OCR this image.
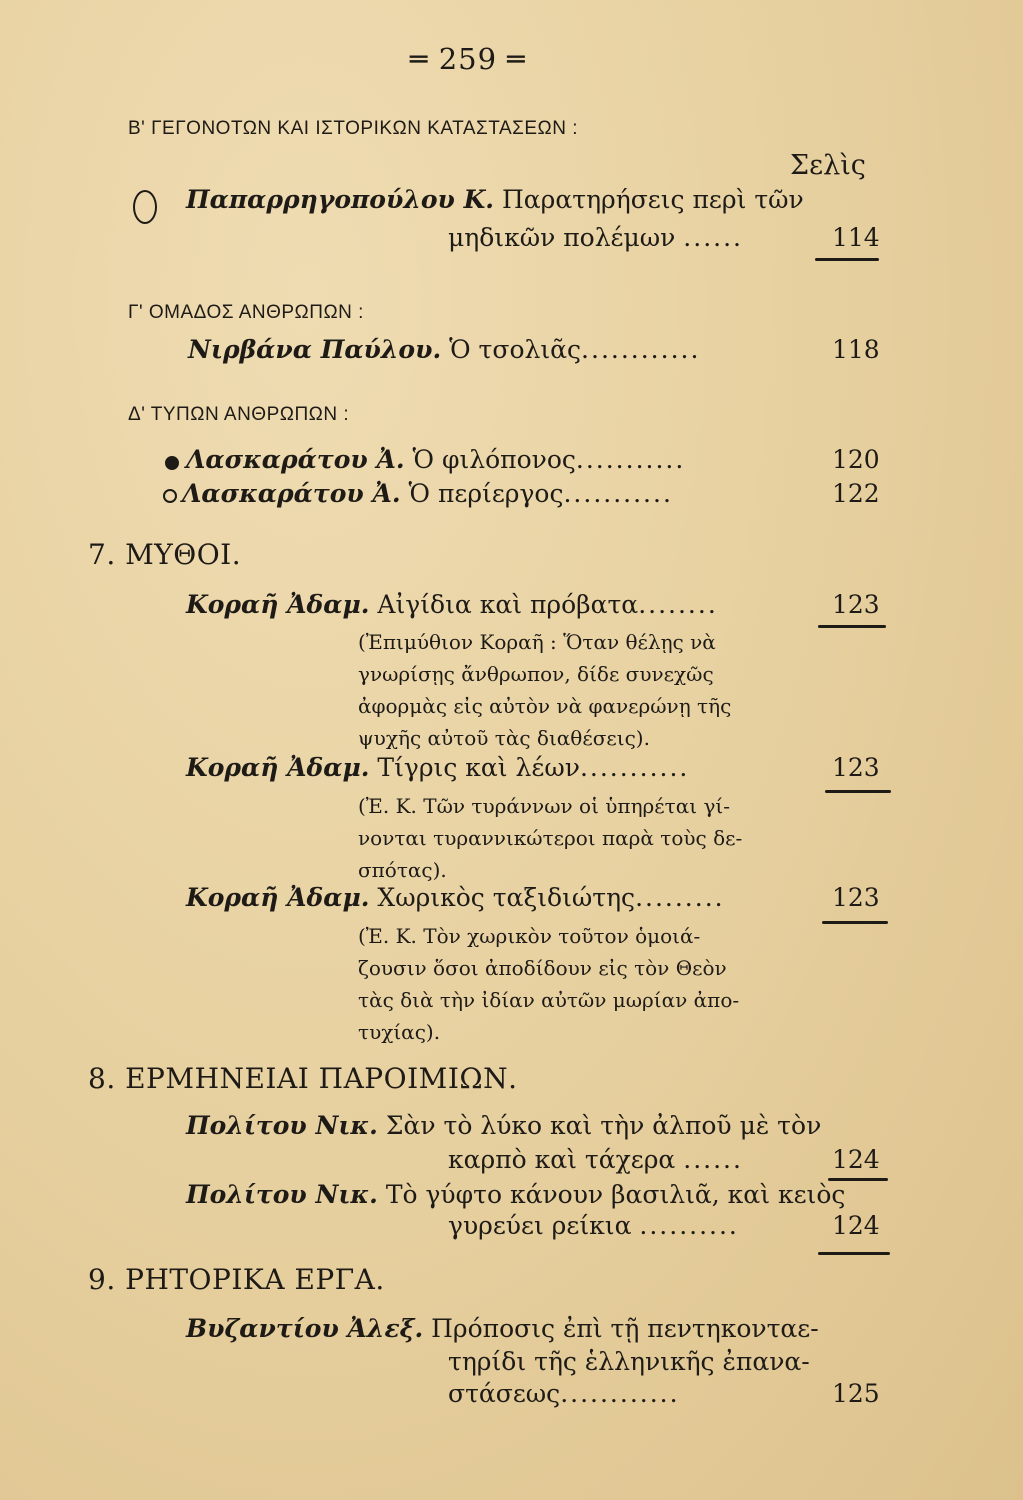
═ 259 ═
Β' ΓΕΓΟΝΟΤΩΝ ΚΑΙ ΙΣΤΟΡΙΚΩΝ ΚΑΤΑΣΤΑΣΕΩΝ :
Σελὶς
Παπαρρηγοπούλου Κ. Παρατηρήσεις περὶ τῶν
μηδικῶν πολέμων ......	114
Γ' ΟΜΑΔΟΣ ΑΝΘΡΩΠΩΝ :
Νιρβάνα Παύλου. Ὁ τσολιᾶς............	118
Δ' ΤΥΠΩΝ ΑΝΘΡΩΠΩΝ :
Λασκαράτου Ἀ. Ὁ φιλόπονος...........	120
Λασκαράτου Ἀ. Ὁ περίεργος...........	122
7. ΜΥΘΟΙ.
Κοραῆ Ἀδαμ. Αἰγίδια καὶ πρόβατα........	123
(Ἐπιμύθιον Κοραῆ : Ὅταν θέλῃς νὰ
γνωρίσῃς ἄνθρωπον, δίδε συνεχῶς
ἀφορμὰς εἰς αὐτὸν νὰ φανερώνῃ τῆς
ψυχῆς αὐτοῦ τὰς διαθέσεις).
Κοραῆ Ἀδαμ. Τίγρις καὶ λέων...........	123
(Ἐ. Κ. Τῶν τυράννων οἱ ὑπηρέται γί-
νονται τυραννικώτεροι παρὰ τοὺς δε-
σπότας).
Κοραῆ Ἀδαμ. Χωρικὸς ταξιδιώτης.........	123
(Ἐ. Κ. Τὸν χωρικὸν τοῦτον ὁμοιά-
ζουσιν ὅσοι ἀποδίδουν εἰς τὸν Θεὸν
τὰς διὰ τὴν ἰδίαν αὐτῶν μωρίαν ἀπο-
τυχίας).
8. ΕΡΜΗΝΕΙΑΙ ΠΑΡΟΙΜΙΩΝ.
Πολίτου Νικ. Σὰν τὸ λύκο καὶ τὴν ἀλποῦ μὲ τὸν
καρπὸ καὶ τάχερα ......	124
Πολίτου Νικ. Τὸ γύφτο κάνουν βασιλιᾶ, καὶ κειὸς
γυρεύει ρείκια ..........	124
9. ΡΗΤΟΡΙΚΑ ΕΡΓΑ.
Βυζαντίου Ἀλεξ. Πρόποσις ἐπὶ τῇ πεντηκονταε-
τηρίδι τῆς ἑλληνικῆς ἐπανα-
στάσεως............	125
